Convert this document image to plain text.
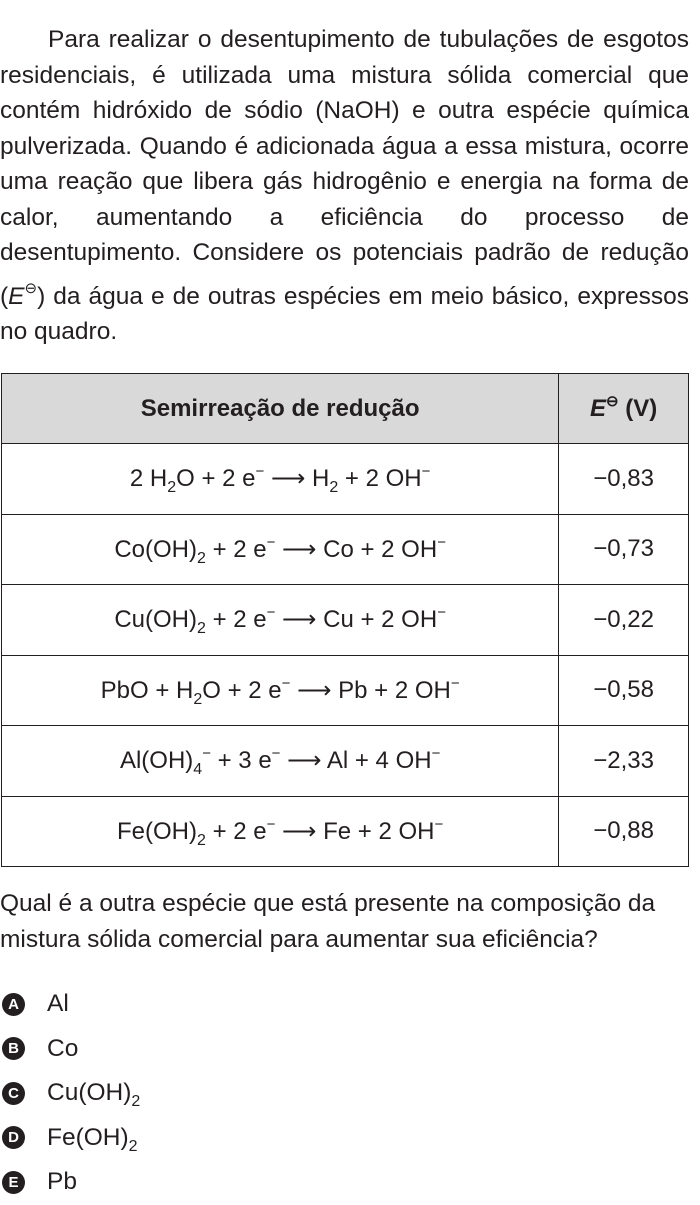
Para realizar o desentupimento de tubulações de esgotos residenciais, é utilizada uma mistura sólida comercial que contém hidróxido de sódio (NaOH) e outra espécie química pulverizada. Quando é adicionada água a essa mistura, ocorre uma reação que libera gás hidrogênio e energia na forma de calor, aumentando a eficiência do processo de desentupimento. Considere os potenciais padrão de redução (E⊖) da água e de outras espécies em meio básico, expressos no quadro.

Semirreação de redução	E⊖ (V)
2 $H_2O + 2$ e− ⟶ $H_2 + 2$ OH−	−0,83
$Co(OH)_2 + 2$ e− ⟶ Co + 2 OH−	−0,73
$Cu(OH)_2 + 2$ e− ⟶ Cu + 2 OH−	−0,22
PbO + $H_2O + 2$ e− ⟶ Pb + 2 OH−	−0,58
$Al(OH)_4^- + 3$ e− ⟶ Al + 4 OH−	−2,33
$Fe(OH)_2 + 2$ e− ⟶ Fe + 2 OH−	−0,88

Qual é a outra espécie que está presente na composição da mistura sólida comercial para aumentar sua eficiência?

A Al
B Co
C $Cu(OH)_2$
D $Fe(OH)_2$
E Pb
